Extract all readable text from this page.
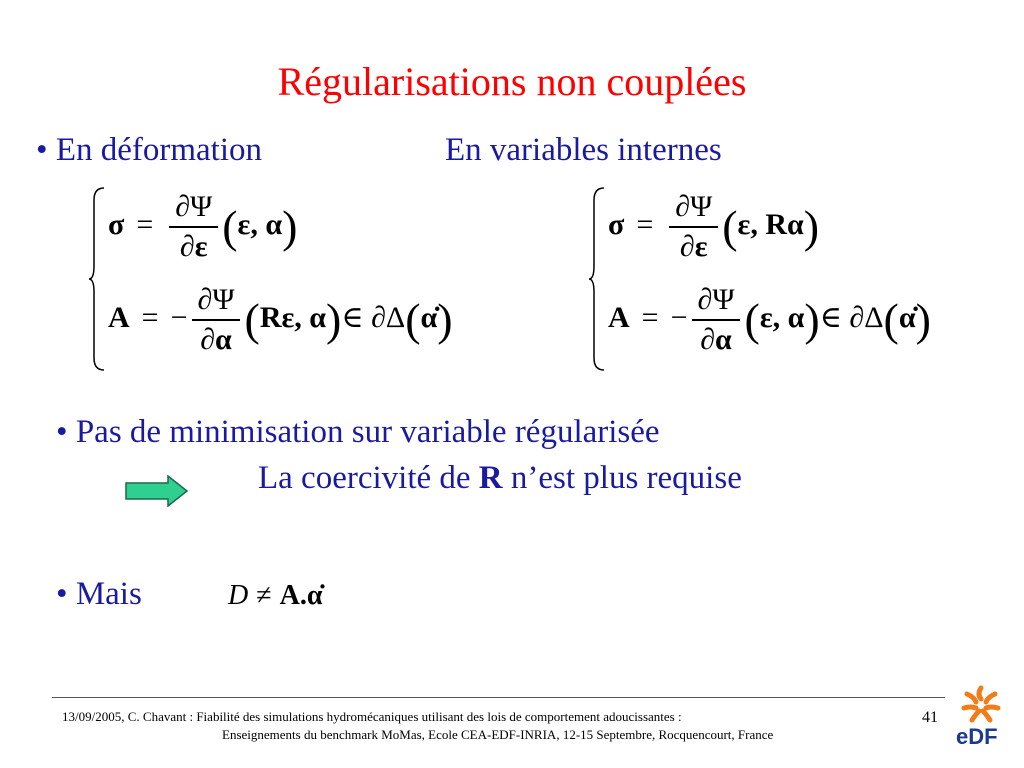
Régularisations non couplées
• En déformation	En variables internes
$\sigma = \frac{\partial\Psi}{\partial\varepsilon} (\varepsilon$, α)
A = − $\frac{\partial\Psi}{\partial\alpha} (R\varepsilon$, α)∈ ∂Δ(α̇)
$\sigma = \frac{\partial\Psi}{\partial\varepsilon} (\varepsilon$, Rα)
A = − $\frac{\partial\Psi}{\partial\alpha} (\varepsilon$, α)∈ ∂Δ(α̇)
• Pas de minimisation sur variable régularisée
La coercivité de R n’est plus requise
• Mais	D ≠ A.α̇
13/09/2005, C. Chavant : Fiabilité des simulations hydromécaniques utilisant des lois de comportement adoucissantes :
Enseignements du benchmark MoMas, Ecole CEA-EDF-INRIA, 12-15 Septembre, Rocquencourt, France
41
eDF
